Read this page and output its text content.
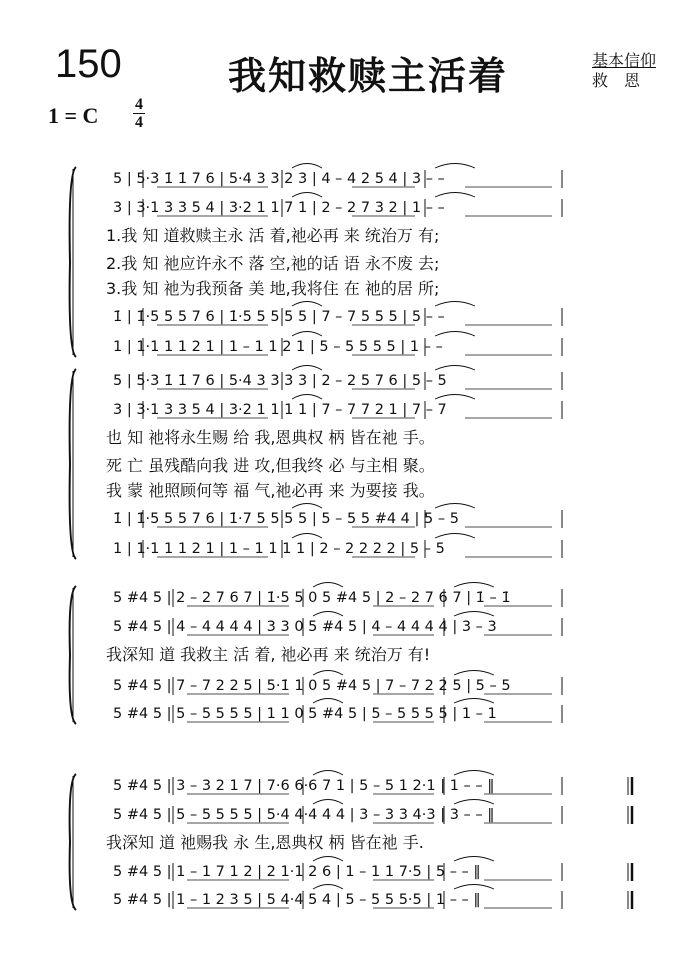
150	我知救赎主活着	基本信仰
救恩
1 = C 4
4
5 | 5·3 1̇ 1̇ 7 6 | 5·4 3 3 2 3 | 4 – 4 2 5 4 | 3 – –
3 | 3·1 3 3 5 4 | 3·2 1 1 7 1 | 2 – 2 7 3 2 | 1 – –
1.我 知 道救赎主永 活 着,祂必再 来 统治万 有;
2.我 知 祂应许永不 落 空,祂的话 语 永不废 去;
3.我 知 祂为我预备 美 地,我将住 在 祂的居 所;
1̇ | 1̇·5 5 5 7 6 | 1̇·5 5 5 5 5 | 7 – 7 5 5 5 | 5 – –
1 | 1·1 1 1 2 1 | 1 – 1 1 2 1 | 5 – 5 5 5 5 | 1 – –
5 | 5·3 1̇ 1̇ 7 6 | 5·4 3 3 3 3 | 2 – 2 5 7 6 | 5 – 5
3 | 3·1 3 3 5 4 | 3·2 1 1 1 1 | 7 – 7 7 2 1 | 7 – 7
也 知 祂将永生赐 给 我,恩典权 柄 皆在祂 手。
死 亡 虽残酷向我 进 攻,但我终 必 与主相 聚。
我 蒙 祂照顾何等 福 气,祂必再 来 为要接 我。
1̇ | 1̇·5 5 5 7 6 | 1̇·7 5 5 5 5 | 5 – 5 5 #4 4 | 5 – 5
1 | 1·1 1 1 2 1 | 1 – 1 1 1 1 | 2 – 2 2 2 2 | 5 – 5
5 #4 5 | 2 – 2 7 6 7 | 1̇·5 5 0 5 #4 5 | 2 – 2 7 6 7 | 1̇ – 1̇
5 #4 5 | 4 – 4 4 4 4 | 3 3 0 5 #4 5 | 4 – 4 4 4 4 | 3 – 3
我深知 道 我救主 活 着, 祂必再 来 统治万 有!
5 #4 5 | 7 – 7 2 2 5 | 5·1̇ 1 0 5 #4 5 | 7 – 7 2 2 5 | 5 – 5
5 #4 5 | 5 – 5 5 5 5 | 1 1 0 5 #4 5 | 5 – 5 5 5 5 | 1 – 1
5 #4 5 | 3 – 3 2 1 7 | 7·6 6·6 7 1 | 5 – 5 1 2·1 | 1 – – ‖
5 #4 5 | 5 – 5 5 5 5 | 5·4 4·4 4 4 | 3 – 3 3 4·3 | 3 – – ‖
我深知 道 祂赐我 永 生,恩典权 柄 皆在祂 手.
5 #4 5 | 1 – 1 7 1 2 | 2 1·1 2 6 | 1 – 1 1 7·5 | 5 – – ‖
5 #4 5 | 1 – 1 2 3 5 | 5 4·4 5 4 | 5 – 5 5 5·5 | 1 – – ‖
